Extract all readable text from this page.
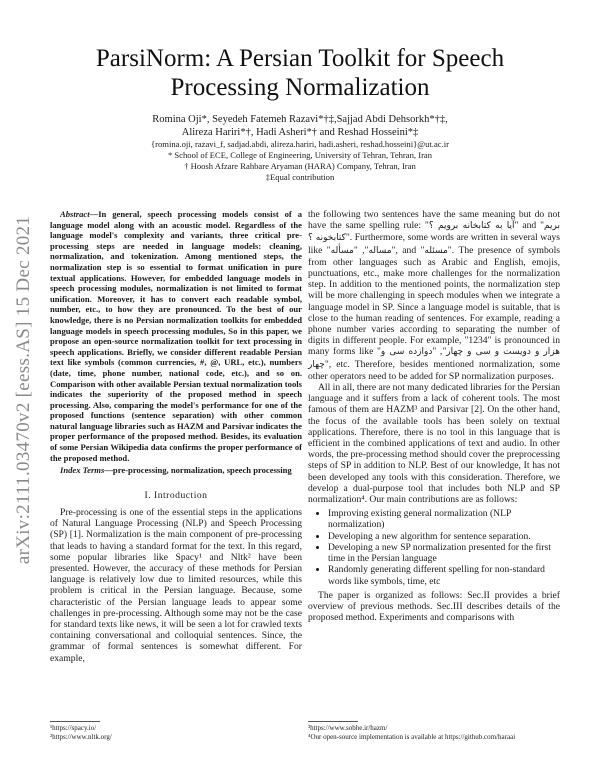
arXiv:2111.03470v2 [eess.AS] 15 Dec 2021
ParsiNorm: A Persian Toolkit for Speech Processing Normalization
Romina Oji*, Seyedeh Fatemeh Razavi*†‡,Sajjad Abdi Dehsorkh*†‡,
Alireza Hariri*†, Hadi Asheri*† and Reshad Hosseini*‡
{romina.oji, razavi_f, sadjad.abdi, alireza.hariri, hadi.asheri, reshad.hosseini}@ut.ac.ir
* School of ECE, College of Engineering, University of Tehran, Tehran, Iran
† Hoosh Afzare Rahbare Aryaman (HARA) Company, Tehran, Iran
‡Equal contribution
Abstract—In general, speech processing models consist of a language model along with an acoustic model. Regardless of the language model's complexity and variants, three critical pre-processing steps are needed in language models: cleaning, normalization, and tokenization. Among mentioned steps, the normalization step is so essential to format unification in pure textual applications. However, for embedded language models in speech processing modules, normalization is not limited to format unification. Moreover, it has to convert each readable symbol, number, etc., to how they are pronounced. To the best of our knowledge, there is no Persian normalization toolkits for embedded language models in speech processing modules, So in this paper, we propose an open-source normalization toolkit for text processing in speech applications. Briefly, we consider different readable Persian text like symbols (common currencies, #, @, URL, etc.), numbers (date, time, phone number, national code, etc.), and so on. Comparison with other available Persian textual normalization tools indicates the superiority of the proposed method in speech processing. Also, comparing the model's performance for one of the proposed functions (sentence separation) with other common natural language libraries such as HAZM and Parsivar indicates the proper performance of the proposed method. Besides, its evaluation of some Persian Wikipedia data confirms the proper performance of the proposed method.
Index Terms—pre-processing, normalization, speech processing
I. Introduction

Pre-processing is one of the essential steps in the applications of Natural Language Processing (NLP) and Speech Processing (SP) [1]. Normalization is the main component of pre-processing that leads to having a standard format for the text. In this regard, some popular libraries like Spacy¹ and Nltk² have been presented. However, the accuracy of these methods for Persian language is relatively low due to limited resources, while this problem is critical in the Persian language. Because, some characteristic of the Persian language leads to appear some challenges in pre-processing. Although some may not be the case for standard texts like news, it will be seen a lot for crawled texts containing conversational and colloquial sentences. Since, the grammar of formal sentences is somewhat different. For example,

the following two sentences have the same meaning but do not have the same spelling rule: "آیا به کتابخانه برویم ؟" and "بریم کتابخونه ؟". Furthermore, some words are written in several ways like "	مساله", "مسأله	", and "مسئله". The presence of symbols from other languages such as Arabic and English, emojis, punctuations, etc., make more challenges for the normalization step. In addition to the mentioned points, the normalization step will be more challenging in speech modules when we integrate a language model in SP. Since a language model is suitable, that is close to the human reading of sentences. For example, reading a phone number varies according to separating the number of digits in different people. For example, "1234" is pronounced in many forms like "	هزار و دویست و سی و چهار", "دوازده سی و چهار", etc. Therefore, besides mentioned normalization, some other operators need to be added for SP normalization purposes.

All in all, there are not many dedicated libraries for the Persian language and it suffers from a lack of coherent tools. The most famous of them are HAZM³ and Parsivar [2]. On the other hand, the focus of the available tools has been solely on textual applications. Therefore, there is no tool in this language that is efficient in the combined applications of text and audio. In other words, the pre-processing method should cover the preprocessing steps of SP in addition to NLP. Best of our knowledge, It has not been developed any tools with this consideration. Therefore, we develop a dual-purpose tool that includes both NLP and SP normalization⁴. Our main contributions are as follows:

• Improving existing general normalization (NLP normalization)
• Developing a new algorithm for sentence separation.
• Developing a new SP normalization presented for the first time in the Persian language
• Randomly generating different spelling for non-standard words like symbols, time, etc

The paper is organized as follows: Sec.II provides a brief overview of previous methods. Sec.III describes details of the proposed method. Experiments and comparisons with

¹https://spacy.io/
²https://www.nltk.org/
³https://www.sobhe.ir/hazm/
⁴Our open-source implementation is available at https://github.com/haraai
